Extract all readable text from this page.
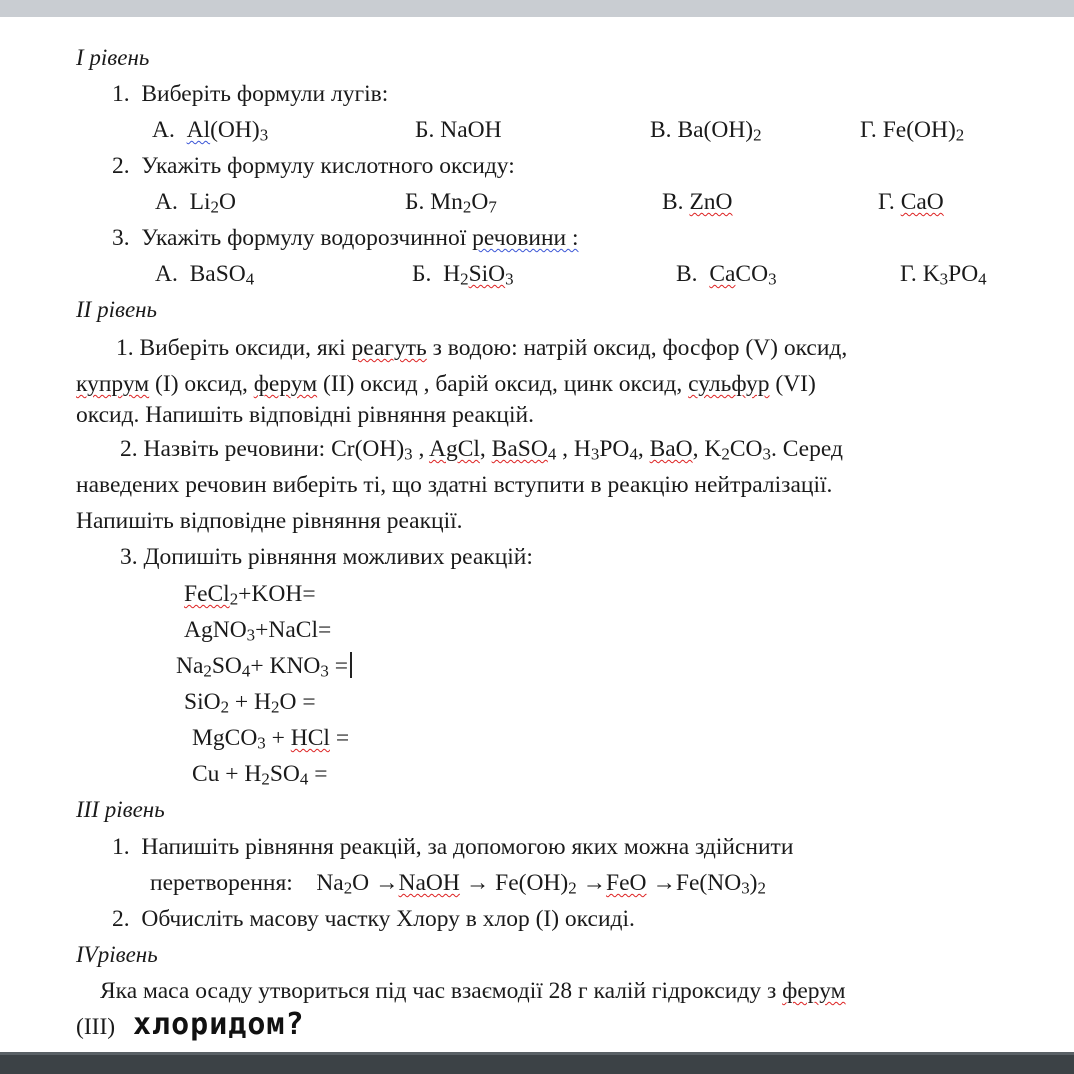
І рівень
1. Виберіть формули лугів:
А. $Al(OH)_3$	Б. NaOH	В. $Ba(OH)_2$	Г. $Fe(OH)_2$
2. Укажіть формулу кислотного оксиду:
А.  $Li_2O$	Б. $Mn_2O_7$	В. ZnO	Г. CaO
3.  Укажіть формулу водорозчинної речовини :
А.  BaSO$_4$	Б.  $H_2SiO_3$	В. CaCO$_3$	Г. $K_3PO_4$
ІІ рівень
1. Виберіть оксиди, які реагуть з водою: натрій оксид, фосфор (V) оксид,
купрум (І) оксид, ферум (ІІ) оксид , барій оксид, цинк оксид, сульфур (VI)
оксид. Напишіть відповідні рівняння реакцій.
2. Назвіть речовини: $Cr(OH)_3$ , AgCl, BaSO$_4$ , $H_3PO_4$, BaO, $K_2CO_3$. Серед
наведених речовин виберіть ті, що здатні вступити в реакцію нейтралізації.
Напишіть відповідне рівняння реакції.
3. Допишіть рівняння можливих реакцій:
FeCl$_2$+KOH=
AgNO$_3$+NaCl=
$Na_2SO_4+ KNO_3$ =
$SiO_2 + H_2O$ =
MgCO$_3$ + HCl =
$Cu + H_2SO_4$ =
ІІІ рівень
1. Напишіть рівняння реакцій, за допомогою яких можна здійснити
перетворення:    $Na_2O$ →NaOH → $Fe(OH)_2 \to FeO \to Fe(NO_3)_2$
2. Обчисліть масову частку Хлору в хлор (І) оксиді.
IVрівень
Яка маса осаду утвориться під час взаємодії 28 г калій гідроксиду з ферум
(ІІІ) хлоридом?
